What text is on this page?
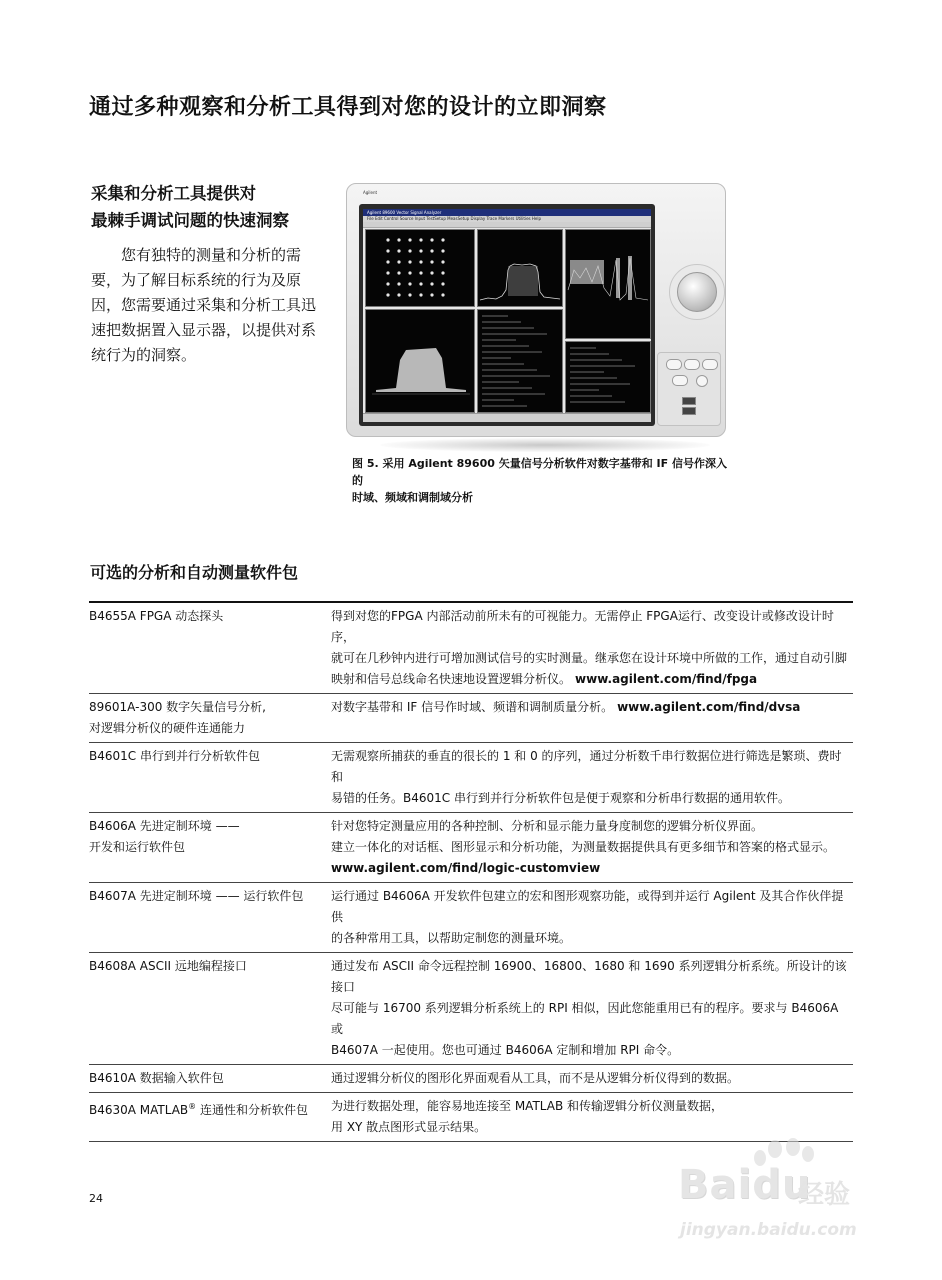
通过多种观察和分析工具得到对您的设计的立即洞察
采集和分析工具提供对
最棘手调试问题的快速洞察
您有独特的测量和分析的需要，为了解目标系统的行为及原因，您需要通过采集和分析工具迅速把数据置入显示器，以提供对系统行为的洞察。
Agilent
Agilent 89600 Vector Signal Analyzer
File Edit Control Source Input TestSetup MeasSetup Display Trace Markers Utilities Help
图 5. 采用 Agilent 89600 矢量信号分析软件对数字基带和 IF 信号作深入的
时域、频域和调制域分析
可选的分析和自动测量软件包
B4655A FPGA 动态探头	得到对您的FPGA 内部活动前所未有的可视能力。无需停止 FPGA运行、改变设计或修改设计时序，
就可在几秒钟内进行可增加测试信号的实时测量。继承您在设计环境中所做的工作，通过自动引脚
映射和信号总线命名快速地设置逻辑分析仪。 www.agilent.com/find/fpga

89601A-300 数字矢量信号分析,
对逻辑分析仪的硬件连通能力	对数字基带和 IF 信号作时域、频谱和调制质量分析。 www.agilent.com/find/dvsa

B4601C 串行到并行分析软件包	无需观察所捕获的垂直的很长的 1 和 0 的序列，通过分析数千串行数据位进行筛选是繁琐、费时和
易错的任务。B4601C 串行到并行分析软件包是便于观察和分析串行数据的通用软件。

B4606A 先进定制环境 ——
开发和运行软件包	针对您特定测量应用的各种控制、分析和显示能力量身度制您的逻辑分析仪界面。
建立一体化的对话框、图形显示和分析功能，为测量数据提供具有更多细节和答案的格式显示。
www.agilent.com/find/logic-customview

B4607A 先进定制环境 —— 运行软件包	运行通过 B4606A 开发软件包建立的宏和图形观察功能，或得到并运行 Agilent 及其合作伙伴提供
的各种常用工具，以帮助定制您的测量环境。

B4608A ASCII 远地编程接口	通过发布 ASCII 命令远程控制 16900、16800、1680 和 1690 系列逻辑分析系统。所设计的该接口
尽可能与 16700 系列逻辑分析系统上的 RPI 相似，因此您能重用已有的程序。要求与 B4606A 或
B4607A 一起使用。您也可通过 B4606A 定制和增加 RPI 命令。

B4610A 数据输入软件包	通过逻辑分析仪的图形化界面观看从工具，而不是从逻辑分析仪得到的数据。

B4630A MATLAB® 连通性和分析软件包	为进行数据处理，能容易地连接至 MATLAB 和传输逻辑分析仪测量数据，
用 XY 散点图形式显示结果。
24	Baidu
经验
jingyan.baidu.com
